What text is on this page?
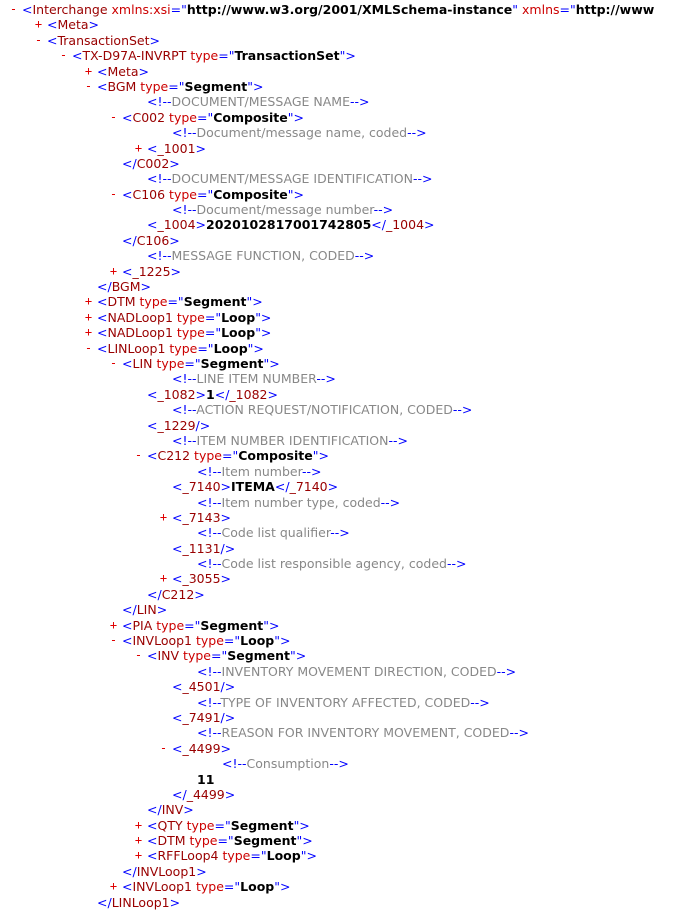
- <Interchange xmlns:xsi="http://www.w3.org/2001/XMLSchema-instance" xmlns="http://www
+ <Meta>
- <TransactionSet>
- <TX-D97A-INVRPT type="TransactionSet">
+ <Meta>
- <BGM type="Segment">
<!--DOCUMENT/MESSAGE NAME-->
- <C002 type="Composite">
<!--Document/message name, coded-->
+ <_1001>
</C002>
<!--DOCUMENT/MESSAGE IDENTIFICATION-->
- <C106 type="Composite">
<!--Document/message number-->
<_1004>2020102817001742805</_1004>
</C106>
<!--MESSAGE FUNCTION, CODED-->
+ <_1225>
</BGM>
+ <DTM type="Segment">
+ <NADLoop1 type="Loop">
+ <NADLoop1 type="Loop">
- <LINLoop1 type="Loop">
- <LIN type="Segment">
<!--LINE ITEM NUMBER-->
<_1082>1</_1082>
<!--ACTION REQUEST/NOTIFICATION, CODED-->
<_1229/>
<!--ITEM NUMBER IDENTIFICATION-->
- <C212 type="Composite">
<!--Item number-->
<_7140>ITEMA</_7140>
<!--Item number type, coded-->
+ <_7143>
<!--Code list qualifier-->
<_1131/>
<!--Code list responsible agency, coded-->
+ <_3055>
</C212>
</LIN>
+ <PIA type="Segment">
- <INVLoop1 type="Loop">
- <INV type="Segment">
<!--INVENTORY MOVEMENT DIRECTION, CODED-->
<_4501/>
<!--TYPE OF INVENTORY AFFECTED, CODED-->
<_7491/>
<!--REASON FOR INVENTORY MOVEMENT, CODED-->
- <_4499>
<!--Consumption-->
11
</_4499>
</INV>
+ <QTY type="Segment">
+ <DTM type="Segment">
+ <RFFLoop4 type="Loop">
</INVLoop1>
+ <INVLoop1 type="Loop">
</LINLoop1>
